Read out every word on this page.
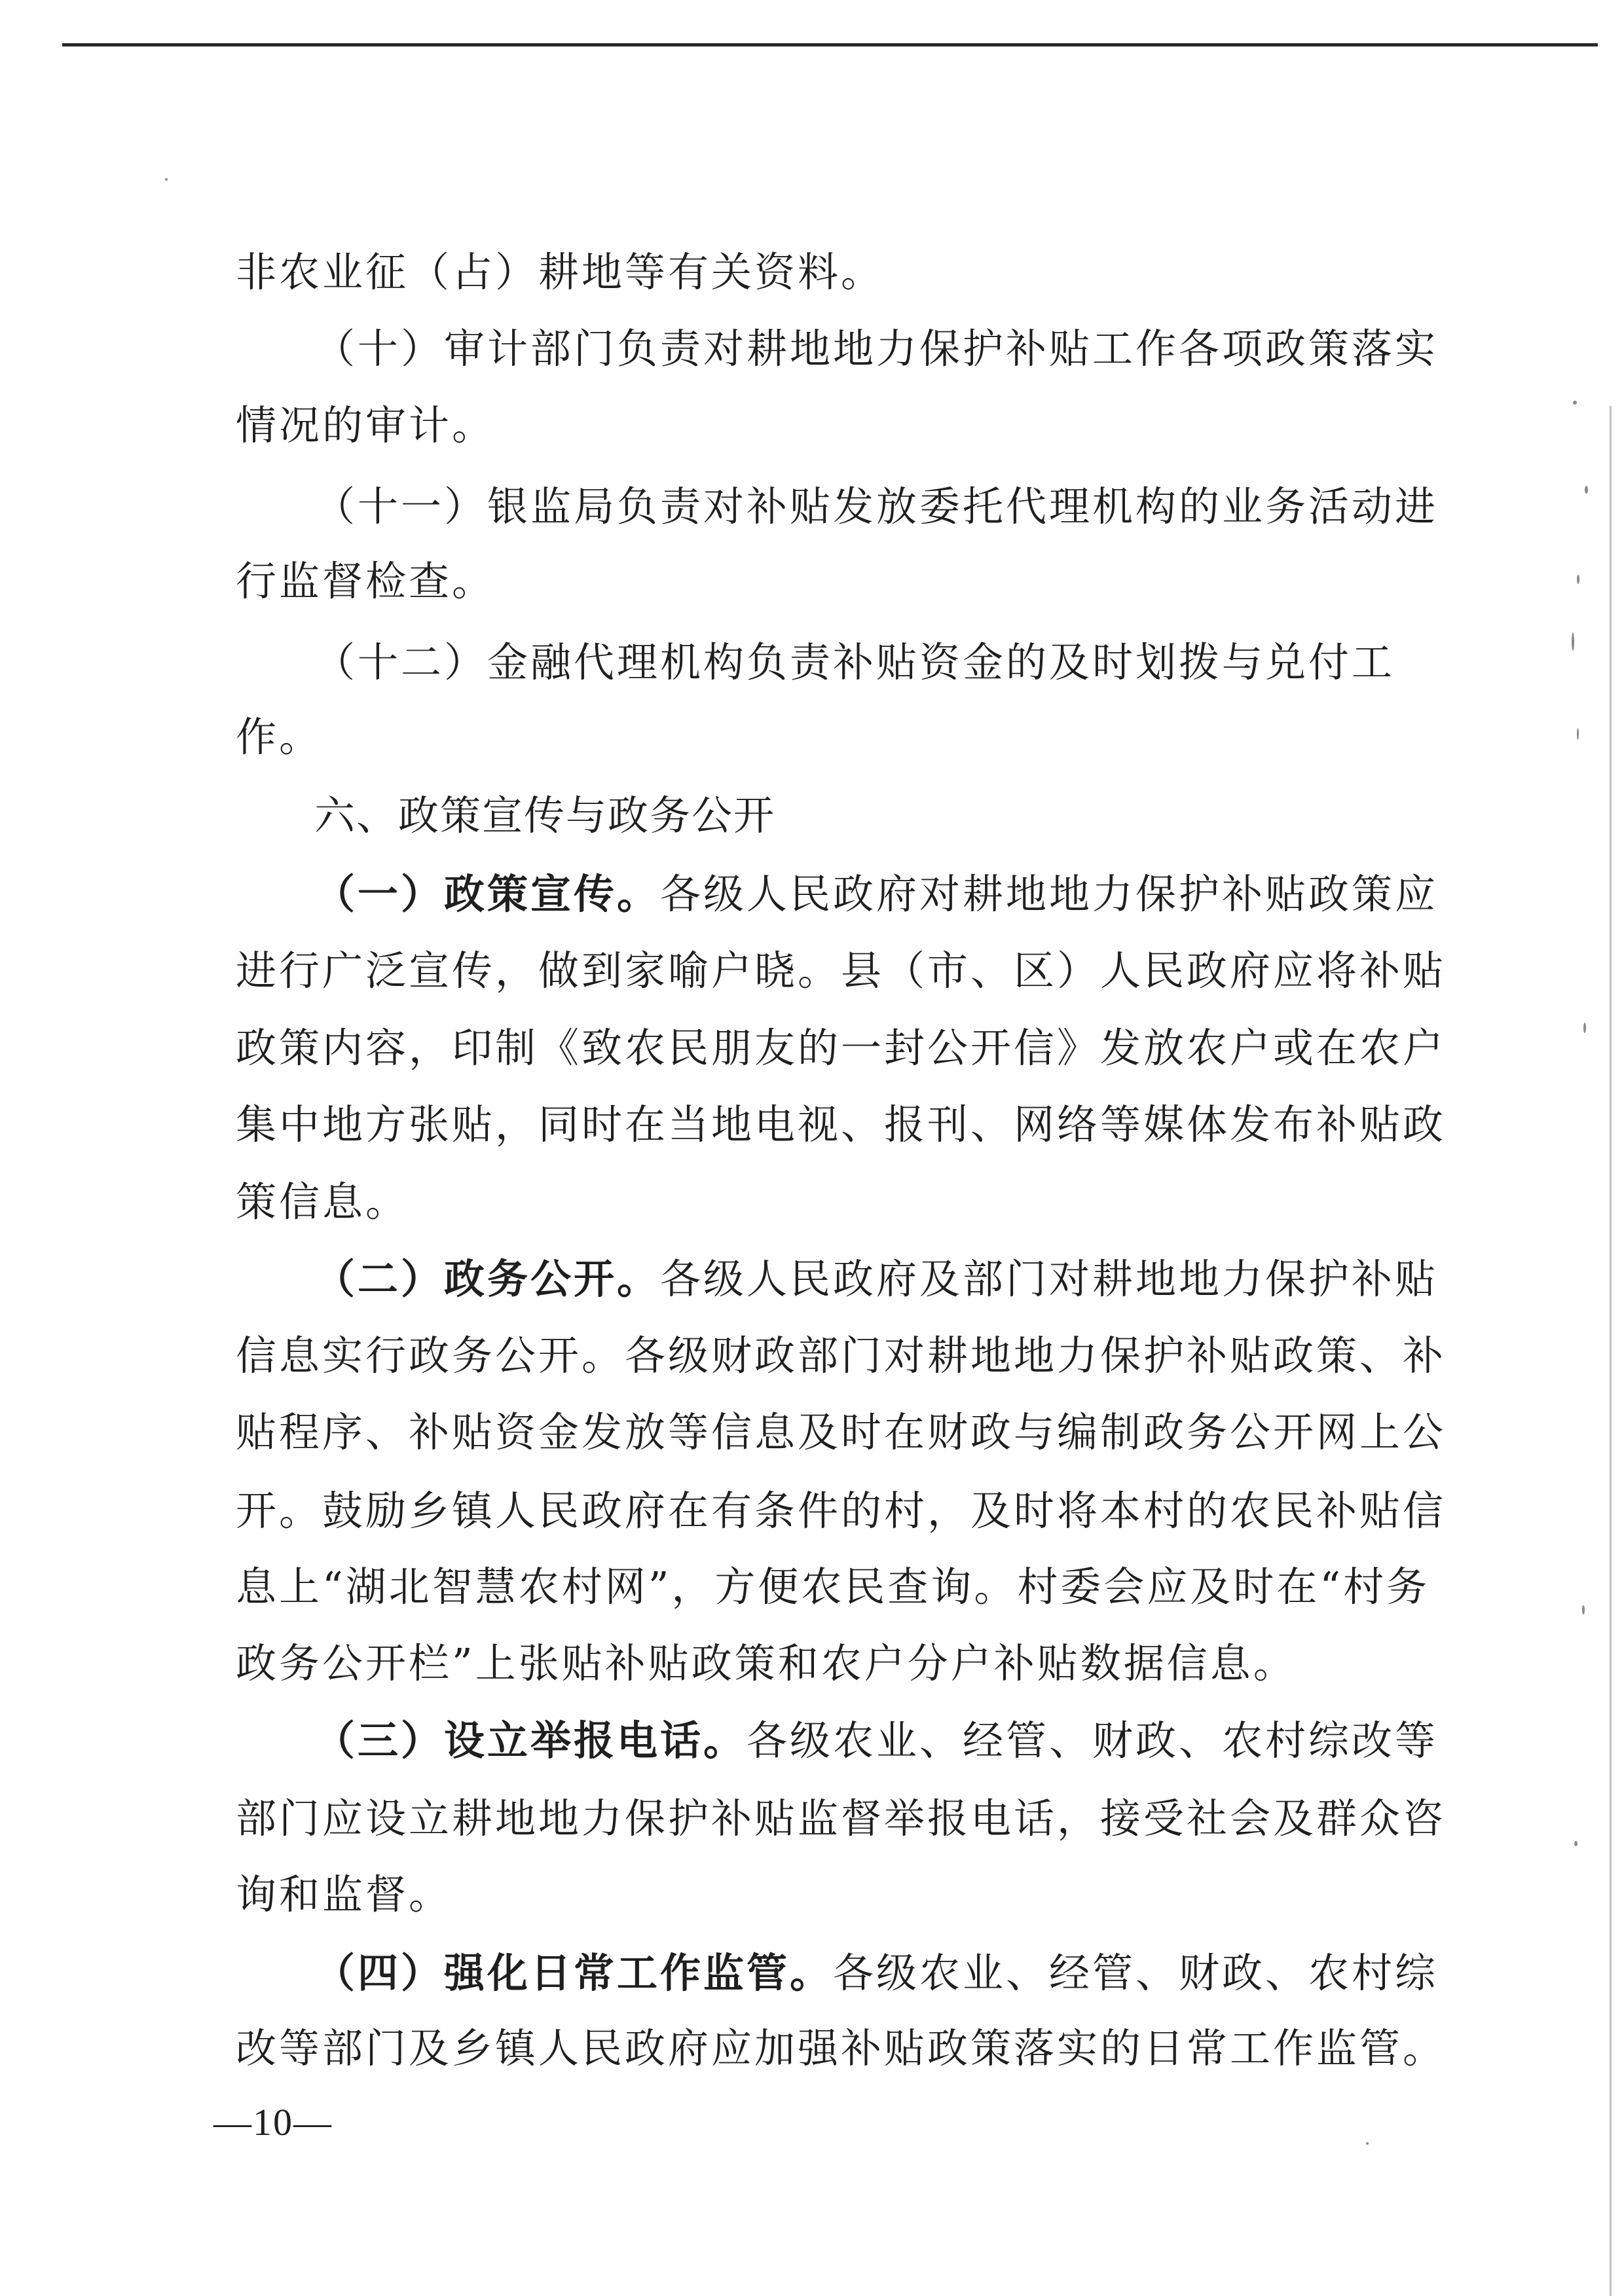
非农业征（占）耕地等有关资料。
（十）审计部门负责对耕地地力保护补贴工作各项政策落实
情况的审计。
（十一）银监局负责对补贴发放委托代理机构的业务活动进
行监督检查。
（十二）金融代理机构负责补贴资金的及时划拨与兑付工
作。
六、政策宣传与政务公开
（一）政策宣传。各级人民政府对耕地地力保护补贴政策应
进行广泛宣传，做到家喻户晓。县（市、区）人民政府应将补贴
政策内容，印制《致农民朋友的一封公开信》发放农户或在农户
集中地方张贴，同时在当地电视、报刊、网络等媒体发布补贴政
策信息。
（二）政务公开。各级人民政府及部门对耕地地力保护补贴
信息实行政务公开。各级财政部门对耕地地力保护补贴政策、补
贴程序、补贴资金发放等信息及时在财政与编制政务公开网上公
开。鼓励乡镇人民政府在有条件的村，及时将本村的农民补贴信
息上“湖北智慧农村网”，方便农民查询。村委会应及时在“村务
政务公开栏”上张贴补贴政策和农户分户补贴数据信息。
（三）设立举报电话。各级农业、经管、财政、农村综改等
部门应设立耕地地力保护补贴监督举报电话，接受社会及群众咨
询和监督。
（四）强化日常工作监管。各级农业、经管、财政、农村综
改等部门及乡镇人民政府应加强补贴政策落实的日常工作监管。
—10—
